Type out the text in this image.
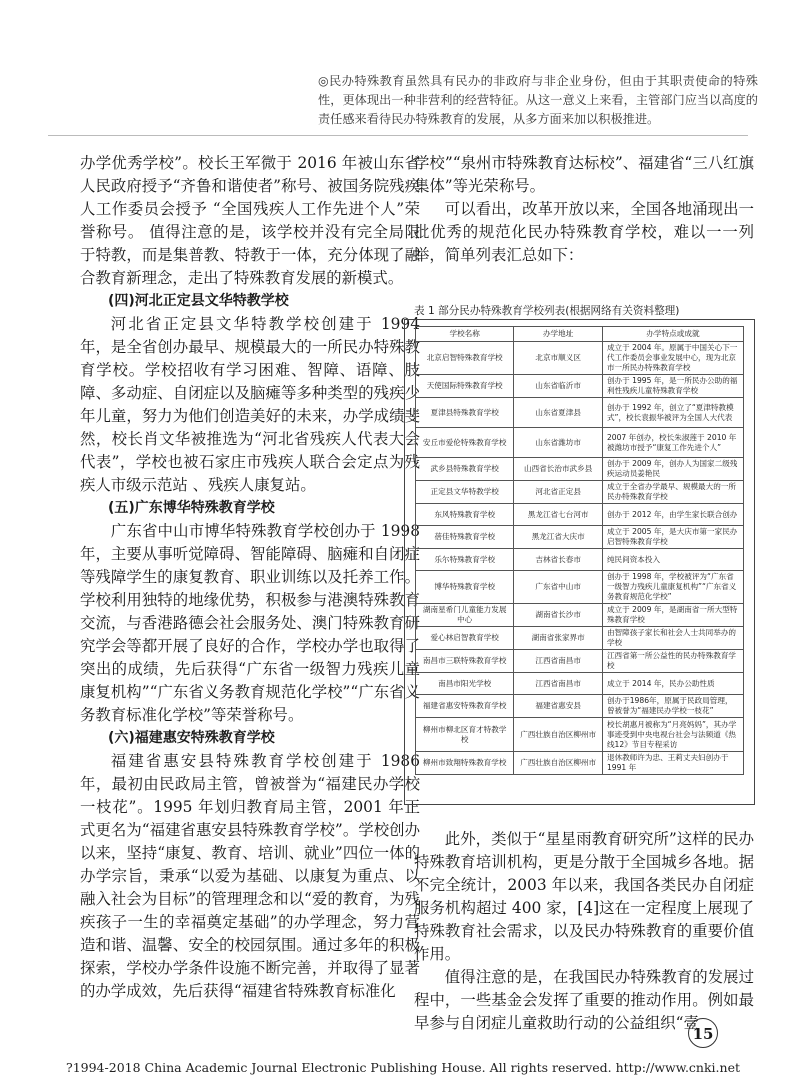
◎民办特殊教育虽然具有民办的非政府与非企业身份，但由于其职责使命的特殊性，更体现出一种非营利的经营特征。从这一意义上来看，主管部门应当以高度的责任感来看待民办特殊教育的发展，从多方面来加以积极推进。

办学优秀学校”。校长王军微于 2016 年被山东省人民政府授予“齐鲁和谐使者”称号、被国务院残疾人工作委员会授予 “全国残疾人工作先进个人”荣誉称号。 值得注意的是，该学校并没有完全局限于特教，而是集普教、特教于一体，充分体现了融合教育新理念，走出了特殊教育发展的新模式。

(四)河北正定县文华特教学校

河北省正定县文华特教学校创建于 1994 年，是全省创办最早、规模最大的一所民办特殊教育学校。学校招收有学习困难、智障、语障、肢障、多动症、自闭症以及脑瘫等多种类型的残疾少年儿童，努力为他们创造美好的未来，办学成绩斐然，校长肖文华被推选为“河北省残疾人代表大会代表”，学校也被石家庄市残疾人联合会定点为残疾人市级示范站 、残疾人康复站。

(五)广东博华特殊教育学校

广东省中山市博华特殊教育学校创办于 1998 年，主要从事听觉障碍、智能障碍、脑瘫和自闭症等残障学生的康复教育、职业训练以及托养工作。学校利用独特的地缘优势，积极参与港澳特殊教育交流，与香港路德会社会服务处、澳门特殊教育研究学会等都开展了良好的合作，学校办学也取得了突出的成绩，先后获得“广东省一级智力残疾儿童康复机构”“广东省义务教育规范化学校”“广东省义务教育标准化学校”等荣誉称号。

(六)福建惠安特殊教育学校

福建省惠安县特殊教育学校创建于 1986 年，最初由民政局主管，曾被誉为“福建民办学校一枝花”。1995 年划归教育局主管，2001 年正式更名为“福建省惠安县特殊教育学校”。学校创办以来，坚持“康复、教育、培训、就业”四位一体的办学宗旨，秉承“以爱为基础、以康复为重点、以融入社会为目标”的管理理念和以“爱的教育，为残疾孩子一生的幸福奠定基础”的办学理念，努力营造和谐、温馨、安全的校园氛围。通过多年的积极探索，学校办学条件设施不断完善，并取得了显著的办学成效，先后获得“福建省特殊教育标准化

学校”“泉州市特殊教育达标校”、福建省“三八红旗集体”等光荣称号。

可以看出，改革开放以来，全国各地涌现出一批优秀的规范化民办特殊教育学校，难以一一列举，简单列表汇总如下：

表 1 部分民办特殊教育学校列表(根据网络有关资料整理)
学校名称	办学地址	办学特点或成就
北京启智特殊教育学校	北京市顺义区	成立于 2004 年。原属于中国关心下一代工作委员会事业发展中心，现为北京市一所民办特殊教育学校
天使国际特殊教育学校	山东省临沂市	创办于 1995 年，是一所民办公助的福利性残疾儿童特殊教育学校
夏津县特殊教育学校	山东省夏津县	创办于 1992 年，创立了“夏津特教模式”，校长袁振华被评为全国人大代表
安丘市爱伦特殊教育学校	山东省潍坊市	2007 年创办，校长朱淑莲于 2010 年被潍坊市授予“康复工作先进个人”
武乡县特殊教育学校	山西省长治市武乡县	创办于 2009 年，创办人为国家二级残疾运动员姜艳民
正定县文华特教学校	河北省正定县	成立于全省办学最早、规模最大的一所民办特殊教育学校
东风特殊教育学校	黑龙江省七台河市	创办于 2012 年，由学生家长联合创办
蓓佳特殊教育学校	黑龙江省大庆市	成立于 2005 年，是大庆市第一家民办启智特殊教育学校
乐尔特殊教育学校	吉林省长春市	纯民间资本投入
博华特殊教育学校	广东省中山市	创办于 1998 年，学校被评为“广东省一级智力残疾儿童康复机构”“广东省义务教育规范化学校”
湖南星希门儿童能力发展中心	湖南省长沙市	成立于 2009 年，是湖南省一所大型特殊教育学校
爱心林启智教育学校	湖南省张家界市	由智障孩子家长和社会人士共同举办的学校
南昌市三联特殊教育学校	江西省南昌市	江西省第一所公益性的民办特殊教育学校
南昌市阳光学校	江西省南昌市	成立于 2014 年，民办公助性质
福建省惠安特殊教育学校	福建省惠安县	创办于1986年，原属于民政局管理，曾被誉为“福建民办学校一枝花”
柳州市柳北区育才特教学校	广西壮族自治区柳州市	校长胡惠月被称为“月亮妈妈”，其办学事迹受到中央电视台社会与法频道《热线12》节目专程采访
柳州市致翔特殊教育学校	广西壮族自治区柳州市	退休教师许为忠、王莉丈夫妇创办于 1991 年

此外，类似于“星星雨教育研究所”这样的民办特殊教育培训机构，更是分散于全国城乡各地。据不完全统计，2003 年以来，我国各类民办自闭症服务机构超过 400 家，[4]这在一定程度上展现了特殊教育社会需求，以及民办特殊教育的重要价值作用。

值得注意的是，在我国民办特殊教育的发展过程中，一些基金会发挥了重要的推动作用。例如最早参与自闭症儿童救助行动的公益组织“壹

15
?1994-2018 China Academic Journal Electronic Publishing House. All rights reserved. http://www.cnki.net
